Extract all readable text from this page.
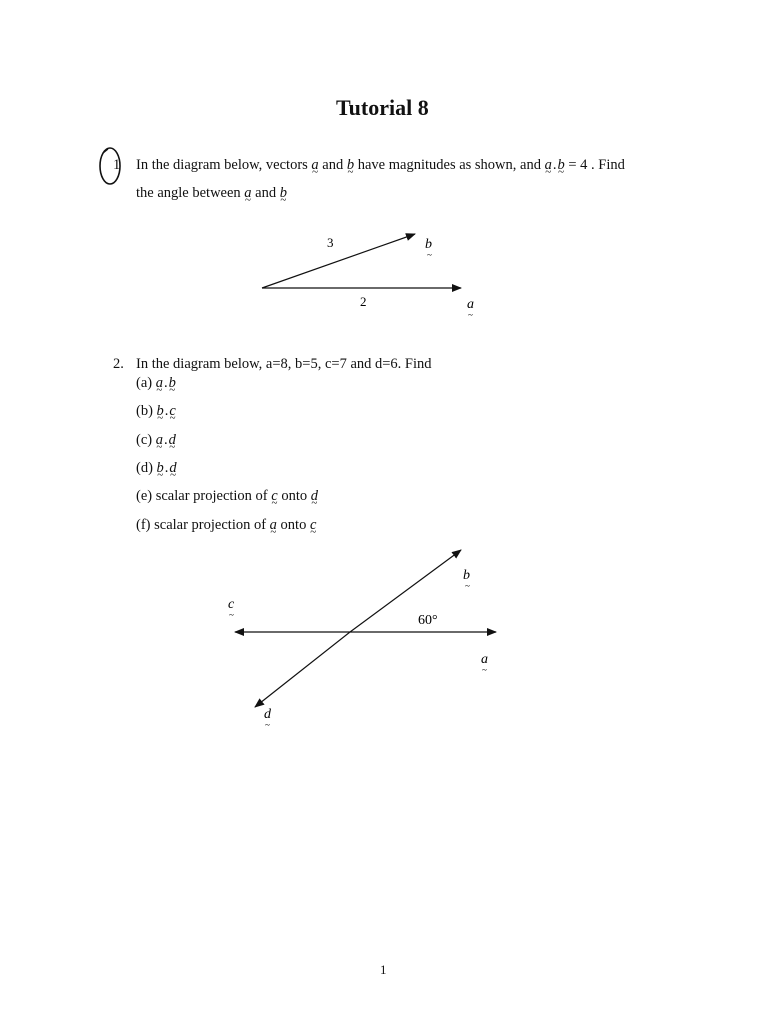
Tutorial 8
1 In the diagram below, vectors a ~ and b ~ have magnitudes as shown, and a ~.b ~ = 4 . Find
the angle between a ~ and b ~
3
2
b
~
a
~
2. In the diagram below, a=8, b=5, c=7 and d=6. Find
(a) a ~.b ~
(b) b ~.c ~
(c) a ~.d ~
(d) b ~.d ~
(e) scalar projection of c ~ onto d ~
(f) scalar projection of a ~ onto c ~
b
~
c
~
a
~
d
~
60°
1
